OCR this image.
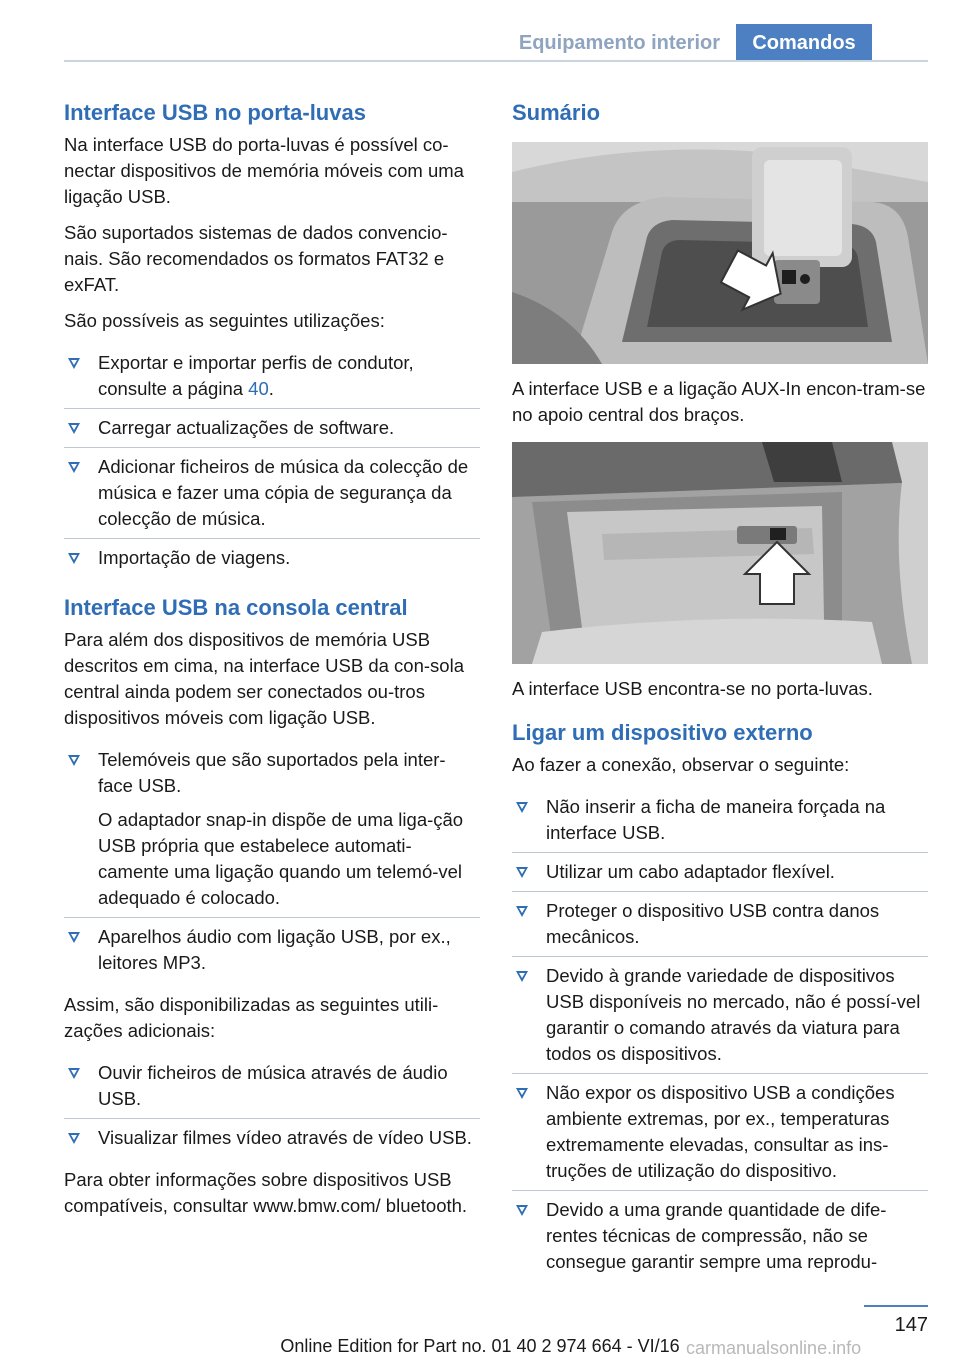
Equipamento interior	Comandos
Interface USB no porta-luvas

Na interface USB do porta-luvas é possível co-nectar dispositivos de memória móveis com uma ligação USB.

São suportados sistemas de dados convencio-nais. São recomendados os formatos FAT32 e exFAT.

São possíveis as seguintes utilizações:

Exportar e importar perfis de condutor, consulte a página 40.
Carregar actualizações de software.
Adicionar ficheiros de música da colecção de música e fazer uma cópia de segurança da colecção de música.
Importação de viagens.
Interface USB na consola central

Para além dos dispositivos de memória USB descritos em cima, na interface USB da con-sola central ainda podem ser conectados ou-tros dispositivos móveis com ligação USB.

Telemóveis que são suportados pela inter-face USB.
O adaptador snap-in dispõe de uma liga-ção USB própria que estabelece automati-camente uma ligação quando um telemó-vel adequado é colocado.
Aparelhos áudio com ligação USB, por ex., leitores MP3.

Assim, são disponibilizadas as seguintes utili-zações adicionais:

Ouvir ficheiros de música através de áudio USB.
Visualizar filmes vídeo através de vídeo USB.

Para obter informações sobre dispositivos USB compatíveis, consultar www.bmw.com/ bluetooth.

Sumário

A interface USB e a ligação AUX-In encon-tram-se no apoio central dos braços.

A interface USB encontra-se no porta-luvas.

Ligar um dispositivo externo

Ao fazer a conexão, observar o seguinte:

Não inserir a ficha de maneira forçada na interface USB.
Utilizar um cabo adaptador flexível.
Proteger o dispositivo USB contra danos mecânicos.
Devido à grande variedade de dispositivos USB disponíveis no mercado, não é possí-vel garantir o comando através da viatura para todos os dispositivos.
Não expor os dispositivo USB a condições ambiente extremas, por ex., temperaturas extremamente elevadas, consultar as ins-truções de utilização do dispositivo.
Devido a uma grande quantidade de dife-rentes técnicas de compressão, não se consegue garantir sempre uma reprodu-
147
Online Edition for Part no. 01 40 2 974 664 - VI/16 carmanualsonline.info
